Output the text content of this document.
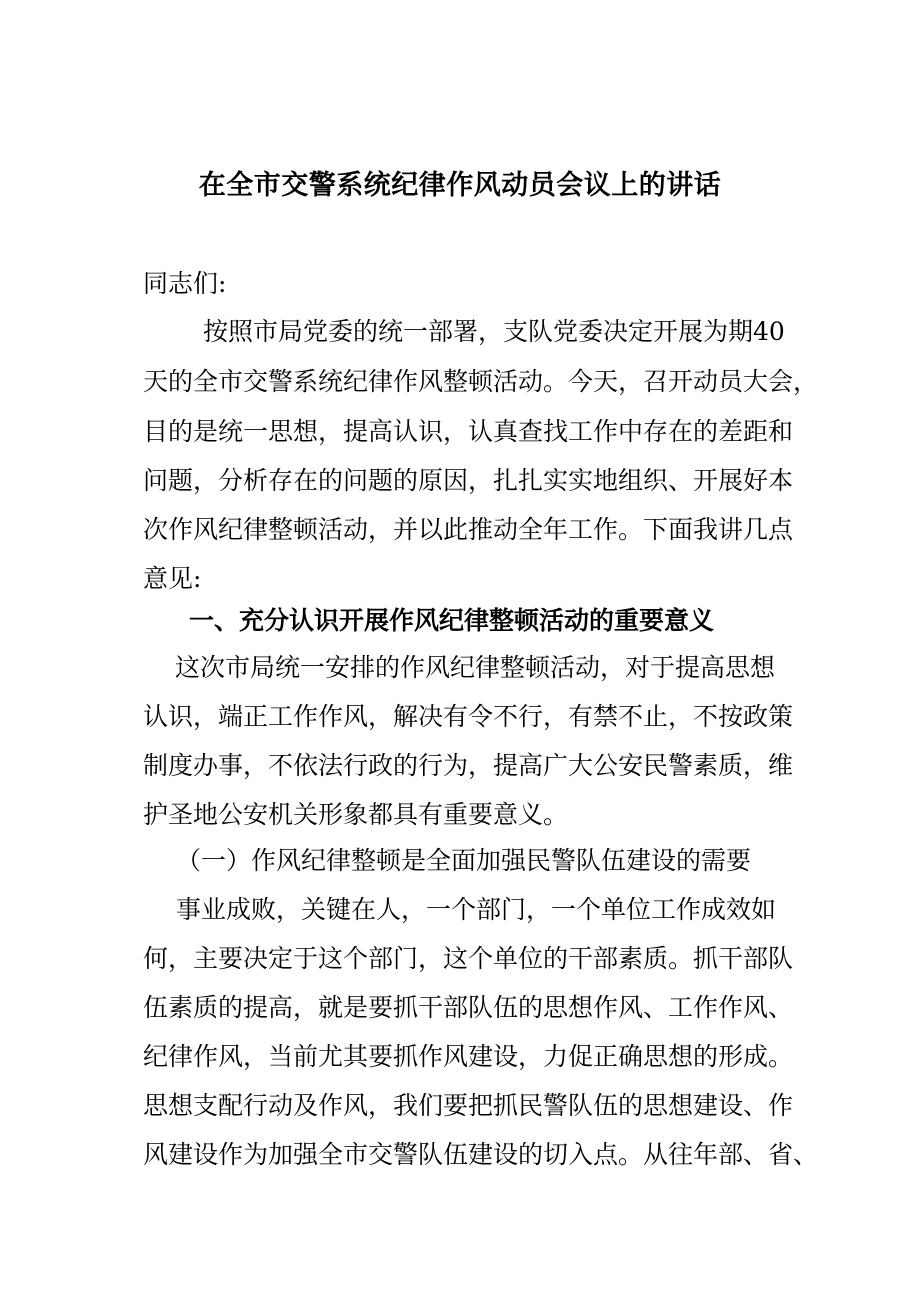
在全市交警系统纪律作风动员会议上的讲话
同志们:
按照市局党委的统一部署，支队党委决定开展为期40
天的全市交警系统纪律作风整顿活动。今天，召开动员大会，
目的是统一思想，提高认识，认真查找工作中存在的差距和
问题，分析存在的问题的原因，扎扎实实地组织、开展好本
次作风纪律整顿活动，并以此推动全年工作。下面我讲几点
意见:
一、充分认识开展作风纪律整顿活动的重要意义
这次市局统一安排的作风纪律整顿活动，对于提高思想
认识，端正工作作风，解决有令不行，有禁不止，不按政策
制度办事，不依法行政的行为，提高广大公安民警素质，维
护圣地公安机关形象都具有重要意义。
（一）作风纪律整顿是全面加强民警队伍建设的需要
事业成败，关键在人，一个部门，一个单位工作成效如
何，主要决定于这个部门，这个单位的干部素质。抓干部队
伍素质的提高，就是要抓干部队伍的思想作风、工作作风、
纪律作风，当前尤其要抓作风建设，力促正确思想的形成。
思想支配行动及作风，我们要把抓民警队伍的思想建设、作
风建设作为加强全市交警队伍建设的切入点。从往年部、省、
